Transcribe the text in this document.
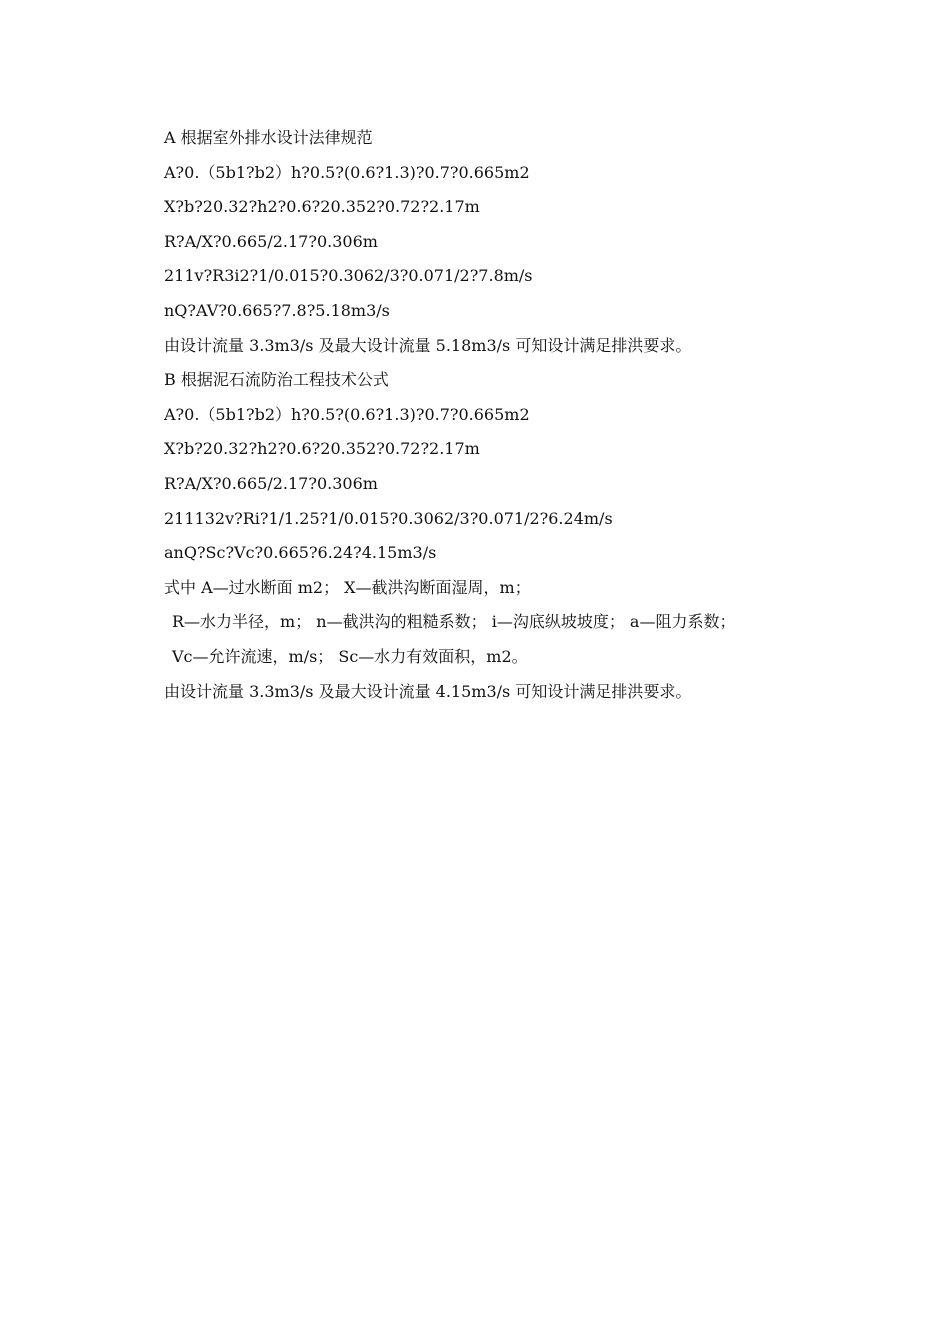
A 根据室外排水设计法律规范

A?0.（5b1?b2）h?0.5?(0.6?1.3)?0.7?0.665m2

X?b?20.32?h2?0.6?20.352?0.72?2.17m

R?A/X?0.665/2.17?0.306m

211v?R3i2?1/0.015?0.3062/3?0.071/2?7.8m/s

nQ?AV?0.665?7.8?5.18m3/s

由设计流量 3.3m3/s 及最大设计流量 5.18m3/s 可知设计满足排洪要求。

B 根据泥石流防治工程技术公式

A?0.（5b1?b2）h?0.5?(0.6?1.3)?0.7?0.665m2

X?b?20.32?h2?0.6?20.352?0.72?2.17m

R?A/X?0.665/2.17?0.306m

211132v?Ri?1/1.25?1/0.015?0.3062/3?0.071/2?6.24m/s

anQ?Sc?Vc?0.665?6.24?4.15m3/s

式中 A—过水断面 m2； X—截洪沟断面湿周，m；

R—水力半径，m； n—截洪沟的粗糙系数； i—沟底纵坡坡度； a—阻力系数；

Vc—允许流速，m/s； Sc—水力有效面积，m2。

由设计流量 3.3m3/s 及最大设计流量 4.15m3/s 可知设计满足排洪要求。
